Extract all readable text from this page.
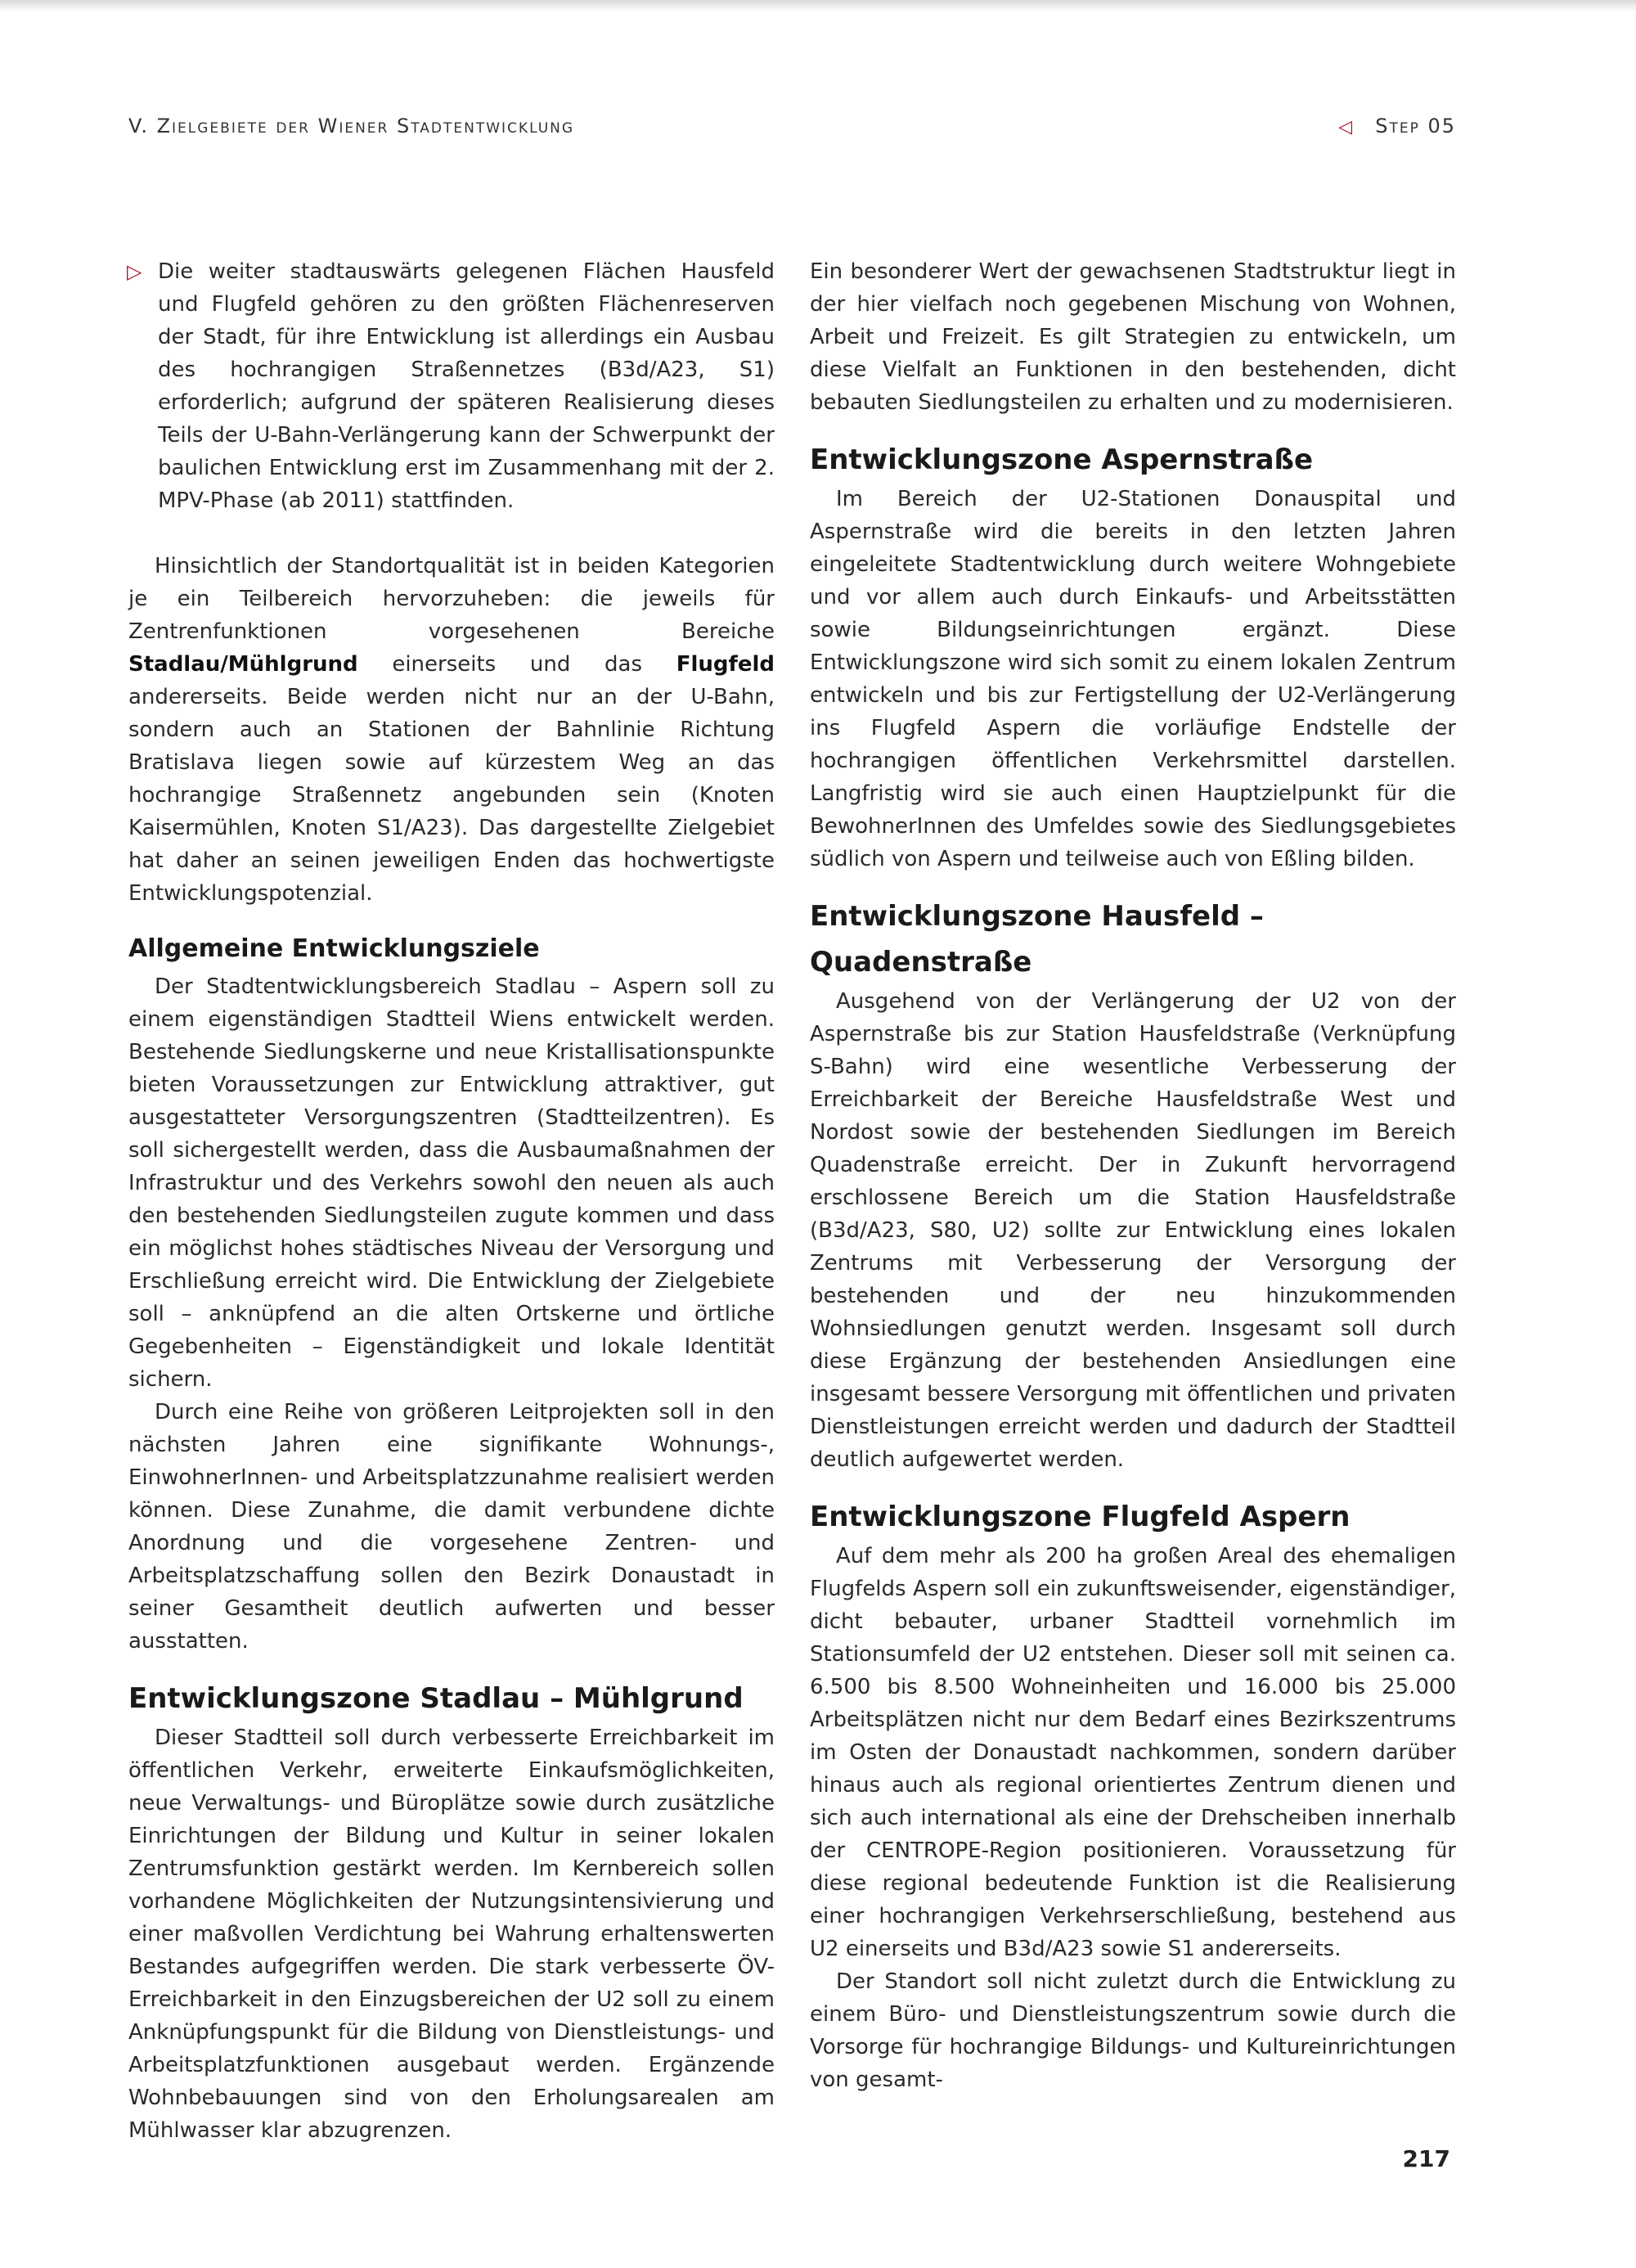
V. Zielgebiete der Wiener Stadtentwicklung	◁ Step 05

▷ Die weiter stadtauswärts gelegenen Flächen Hausfeld und Flugfeld gehören zu den größten Flächenreserven der Stadt, für ihre Entwicklung ist allerdings ein Ausbau des hochrangigen Straßennetzes (B3d/A23, S1) erforderlich; aufgrund der späteren Realisierung dieses Teils der U-Bahn-Verlängerung kann der Schwerpunkt der baulichen Entwicklung erst im Zusammenhang mit der 2. MPV-Phase (ab 2011) stattfinden.

Hinsichtlich der Standortqualität ist in beiden Kategorien je ein Teilbereich hervorzuheben: die jeweils für Zentrenfunktionen vorgesehenen Bereiche Stadlau/Mühlgrund einerseits und das Flugfeld andererseits. Beide werden nicht nur an der U-Bahn, sondern auch an Stationen der Bahnlinie Richtung Bratislava liegen sowie auf kürzestem Weg an das hochrangige Straßennetz angebunden sein (Knoten Kaisermühlen, Knoten S1/A23). Das dargestellte Zielgebiet hat daher an seinen jeweiligen Enden das hochwertigste Entwicklungspotenzial.

Allgemeine Entwicklungsziele

Der Stadtentwicklungsbereich Stadlau – Aspern soll zu einem eigenständigen Stadtteil Wiens entwickelt werden. Bestehende Siedlungskerne und neue Kristallisationspunkte bieten Voraussetzungen zur Entwicklung attraktiver, gut ausgestatteter Versorgungszentren (Stadtteilzentren). Es soll sichergestellt werden, dass die Ausbaumaßnahmen der Infrastruktur und des Verkehrs sowohl den neuen als auch den bestehenden Siedlungsteilen zugute kommen und dass ein möglichst hohes städtisches Niveau der Versorgung und Erschließung erreicht wird. Die Entwicklung der Zielgebiete soll – anknüpfend an die alten Ortskerne und örtliche Gegebenheiten – Eigenständigkeit und lokale Identität sichern.

Durch eine Reihe von größeren Leitprojekten soll in den nächsten Jahren eine signifikante Wohnungs-, EinwohnerInnen- und Arbeitsplatzzunahme realisiert werden können. Diese Zunahme, die damit verbundene dichte Anordnung und die vorgesehene Zentren- und Arbeitsplatzschaffung sollen den Bezirk Donaustadt in seiner Gesamtheit deutlich aufwerten und besser ausstatten.

Entwicklungszone Stadlau – Mühlgrund

Dieser Stadtteil soll durch verbesserte Erreichbarkeit im öffentlichen Verkehr, erweiterte Einkaufsmöglichkeiten, neue Verwaltungs- und Büroplätze sowie durch zusätzliche Einrichtungen der Bildung und Kultur in seiner lokalen Zentrumsfunktion gestärkt werden. Im Kernbereich sollen vorhandene Möglichkeiten der Nutzungsintensivierung und einer maßvollen Verdichtung bei Wahrung erhaltenswerten Bestandes aufgegriffen werden. Die stark verbesserte ÖV-Erreichbarkeit in den Einzugsbereichen der U2 soll zu einem Anknüpfungspunkt für die Bildung von Dienstleistungs- und Arbeitsplatzfunktionen ausgebaut werden. Ergänzende Wohnbebauungen sind von den Erholungsarealen am Mühlwasser klar abzugrenzen.

Ein besonderer Wert der gewachsenen Stadtstruktur liegt in der hier vielfach noch gegebenen Mischung von Wohnen, Arbeit und Freizeit. Es gilt Strategien zu entwickeln, um diese Vielfalt an Funktionen in den bestehenden, dicht bebauten Siedlungsteilen zu erhalten und zu modernisieren.

Entwicklungszone Aspernstraße

Im Bereich der U2-Stationen Donauspital und Aspernstraße wird die bereits in den letzten Jahren eingeleitete Stadtentwicklung durch weitere Wohngebiete und vor allem auch durch Einkaufs- und Arbeitsstätten sowie Bildungseinrichtungen ergänzt. Diese Entwicklungszone wird sich somit zu einem lokalen Zentrum entwickeln und bis zur Fertigstellung der U2-Verlängerung ins Flugfeld Aspern die vorläufige Endstelle der hochrangigen öffentlichen Verkehrsmittel darstellen. Langfristig wird sie auch einen Hauptzielpunkt für die BewohnerInnen des Umfeldes sowie des Siedlungsgebietes südlich von Aspern und teilweise auch von Eßling bilden.

Entwicklungszone Hausfeld – Quadenstraße

Ausgehend von der Verlängerung der U2 von der Aspernstraße bis zur Station Hausfeldstraße (Verknüpfung S-Bahn) wird eine wesentliche Verbesserung der Erreichbarkeit der Bereiche Hausfeldstraße West und Nordost sowie der bestehenden Siedlungen im Bereich Quadenstraße erreicht. Der in Zukunft hervorragend erschlossene Bereich um die Station Hausfeldstraße (B3d/A23, S80, U2) sollte zur Entwicklung eines lokalen Zentrums mit Verbesserung der Versorgung der bestehenden und der neu hinzukommenden Wohnsiedlungen genutzt werden. Insgesamt soll durch diese Ergänzung der bestehenden Ansiedlungen eine insgesamt bessere Versorgung mit öffentlichen und privaten Dienstleistungen erreicht werden und dadurch der Stadtteil deutlich aufgewertet werden.

Entwicklungszone Flugfeld Aspern

Auf dem mehr als 200 ha großen Areal des ehemaligen Flugfelds Aspern soll ein zukunftsweisender, eigenständiger, dicht bebauter, urbaner Stadtteil vornehmlich im Stationsumfeld der U2 entstehen. Dieser soll mit seinen ca. 6.500 bis 8.500 Wohneinheiten und 16.000 bis 25.000 Arbeitsplätzen nicht nur dem Bedarf eines Bezirkszentrums im Osten der Donaustadt nachkommen, sondern darüber hinaus auch als regional orientiertes Zentrum dienen und sich auch international als eine der Drehscheiben innerhalb der CENTROPE-Region positionieren. Voraussetzung für diese regional bedeutende Funktion ist die Realisierung einer hochrangigen Verkehrserschließung, bestehend aus U2 einerseits und B3d/A23 sowie S1 andererseits.

Der Standort soll nicht zuletzt durch die Entwicklung zu einem Büro- und Dienstleistungszentrum sowie durch die Vorsorge für hochrangige Bildungs- und Kultureinrichtungen von gesamt-

217
